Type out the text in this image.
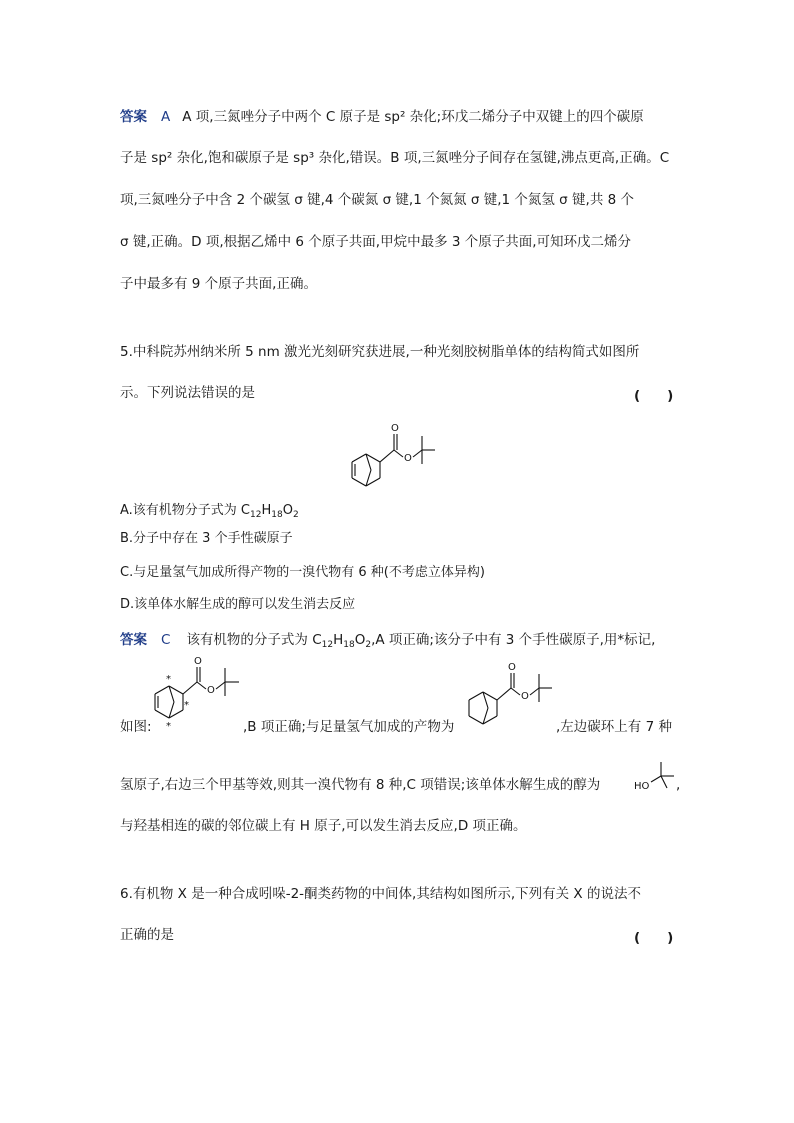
答案 A A 项,三氮唑分子中两个 C 原子是 sp² 杂化;环戊二烯分子中双键上的四个碳原
子是 sp² 杂化,饱和碳原子是 sp³ 杂化,错误。B 项,三氮唑分子间存在氢键,沸点更高,正确。C
项,三氮唑分子中含 2 个碳氢 σ 键,4 个碳氮 σ 键,1 个氮氮 σ 键,1 个氮氢 σ 键,共 8 个
σ 键,正确。D 项,根据乙烯中 6 个原子共面,甲烷中最多 3 个原子共面,可知环戊二烯分
子中最多有 9 个原子共面,正确。
5.中科院苏州纳米所 5 nm 激光光刻研究获进展,一种光刻胶树脂单体的结构简式如图所
示。下列说法错误的是	(　　)
O
O
A.该有机物分子式为 $C_{12}H_{18}O_2$
B.分子中存在 3 个手性碳原子
C.与足量氢气加成所得产物的一溴代物有 6 种(不考虑立体异构)
D.该单体水解生成的醇可以发生消去反应
答案 C 该有机物的分子式为 $C_{12}H_{18}O_2,A$ 项正确;该分子中有 3 个手性碳原子,用*标记,
O
O
*
*
*
如图:	,B 项正确;与足量氢气加成的产物为
O
O
,左边碳环上有 7 种
氢原子,右边三个甲基等效,则其一溴代物有 8 种,C 项错误;该单体水解生成的醇为	HO ,
与羟基相连的碳的邻位碳上有 H 原子,可以发生消去反应,D 项正确。
6.有机物 X 是一种合成吲哚-2-酮类药物的中间体,其结构如图所示,下列有关 X 的说法不
正确的是	(　　)
